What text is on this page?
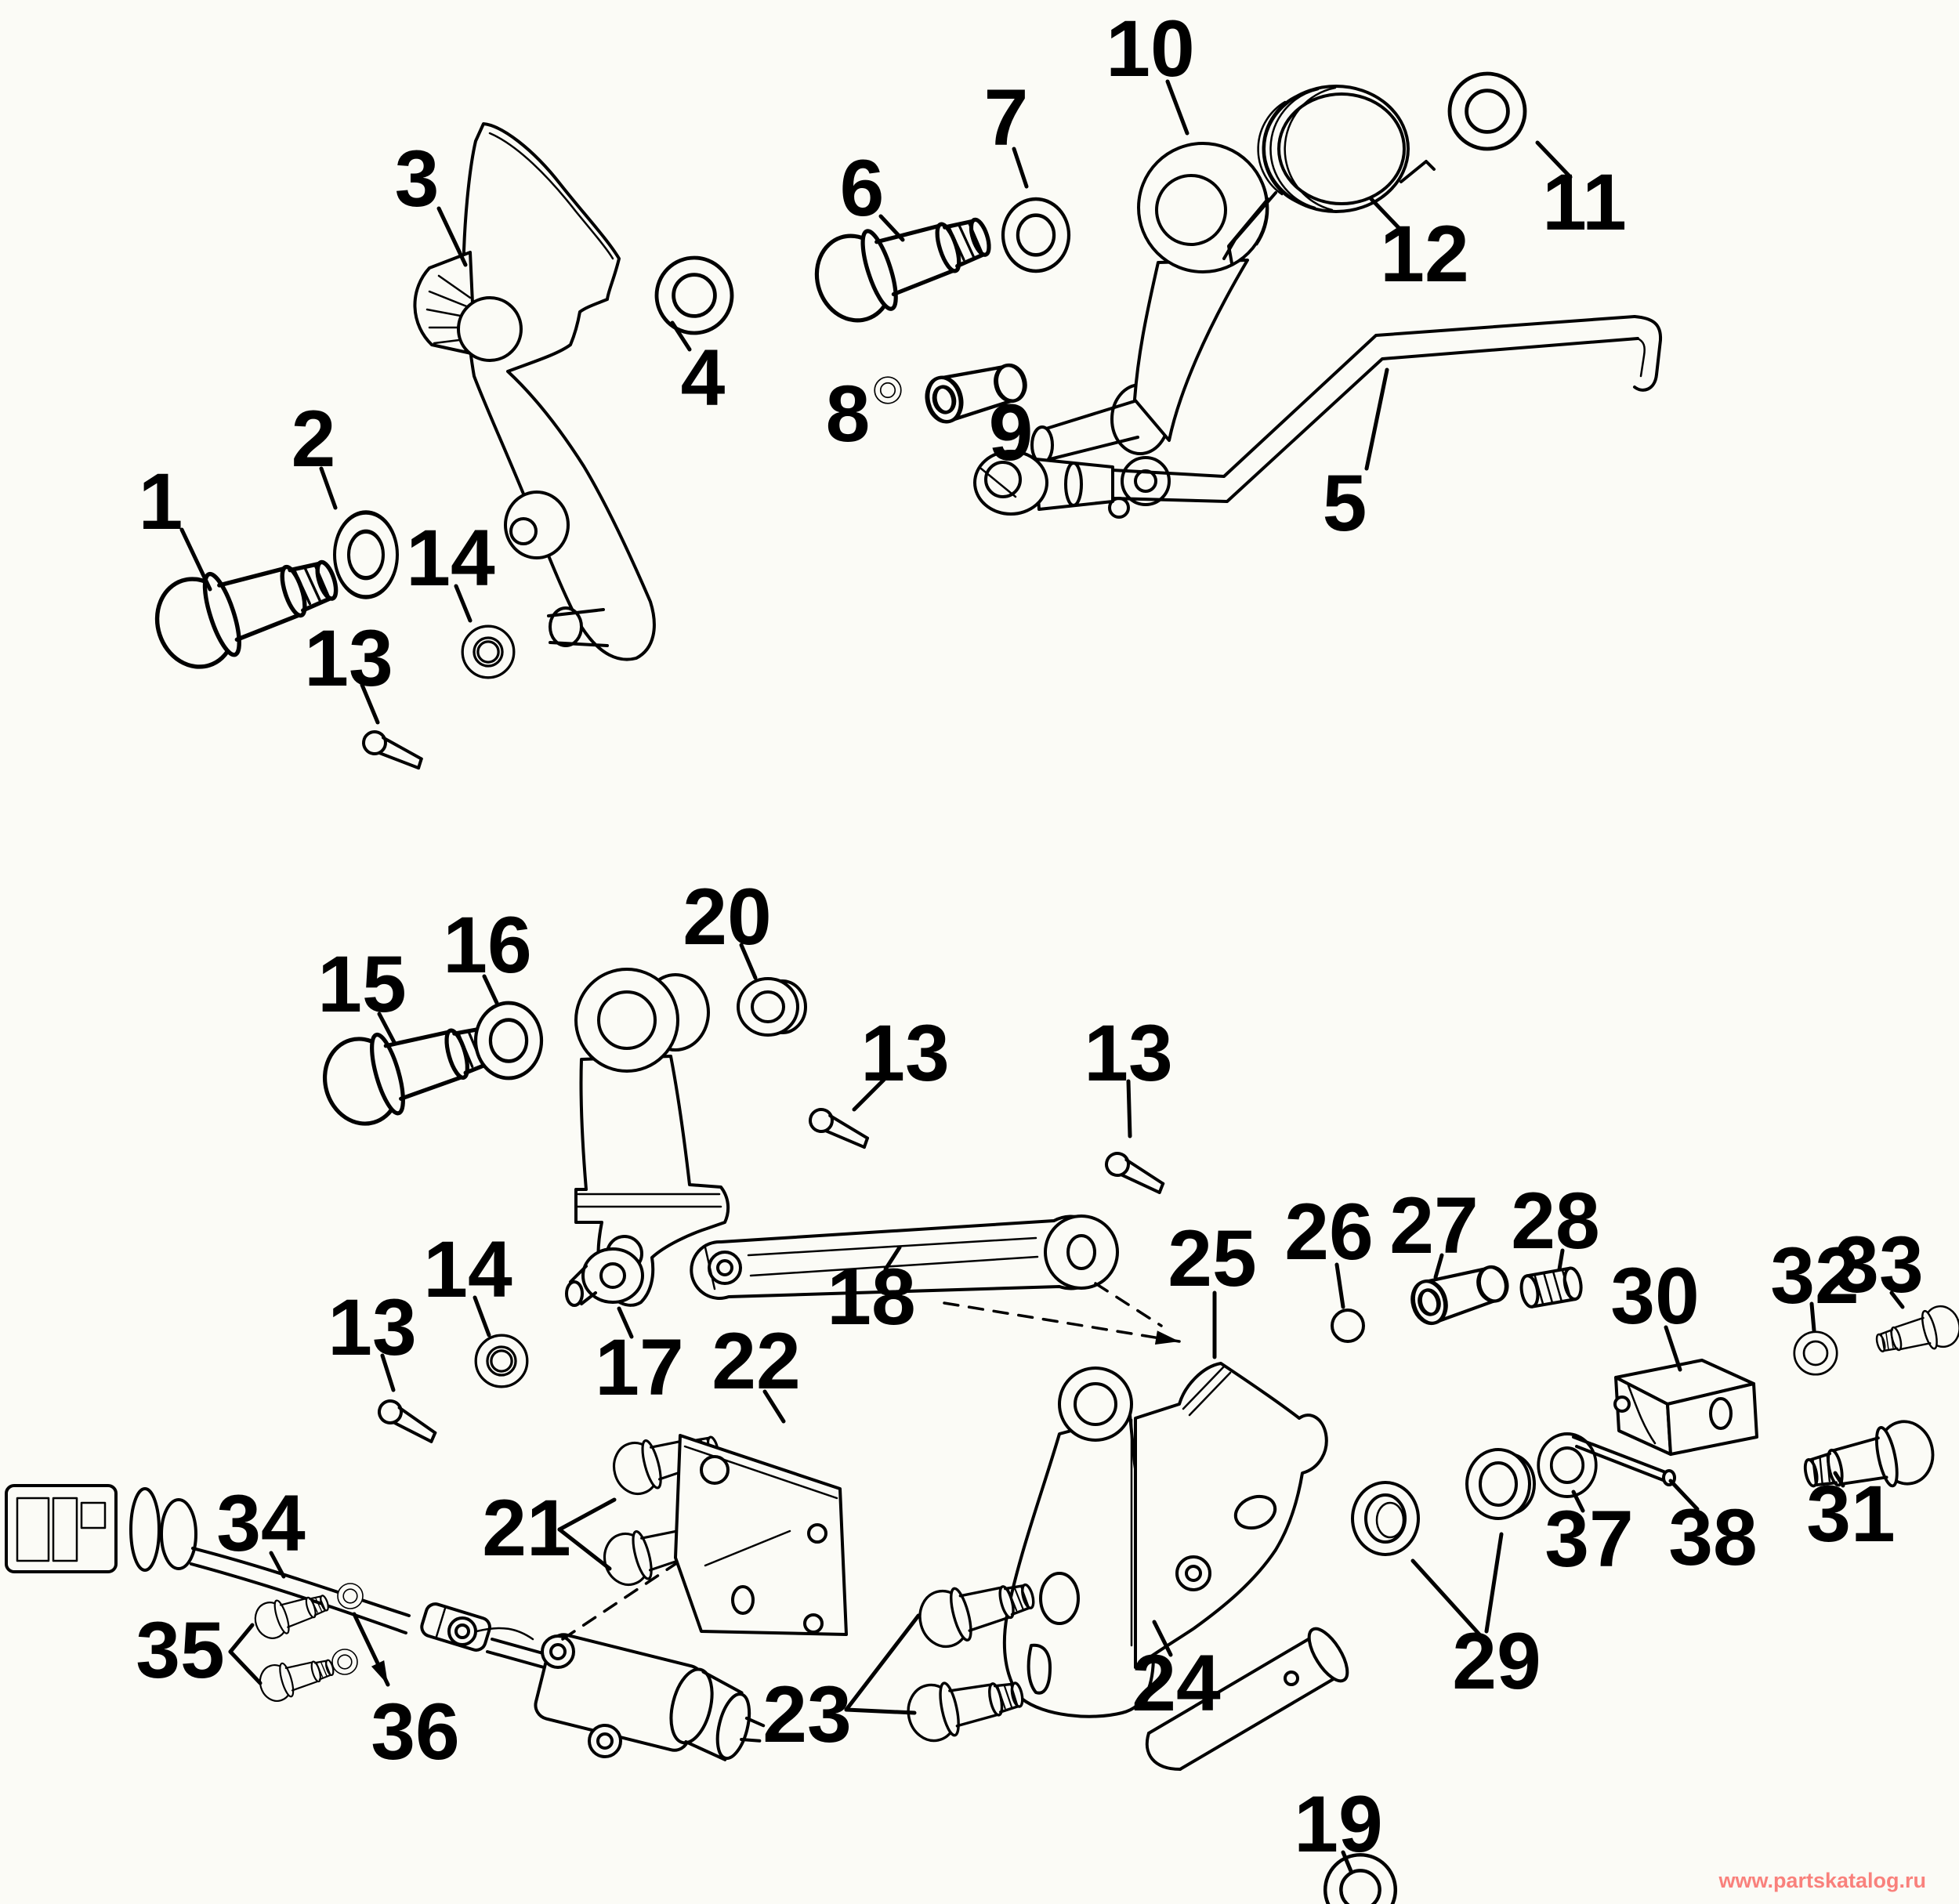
1
2
3
4
5
6
7
8 9
10
11
12
13
14
15 16 20
13 13
14
13 17 22
18	25 26 27 28
30 32
33
31
37 38
29
34 21
35
36	23	24
19
www.partskatalog.ru
